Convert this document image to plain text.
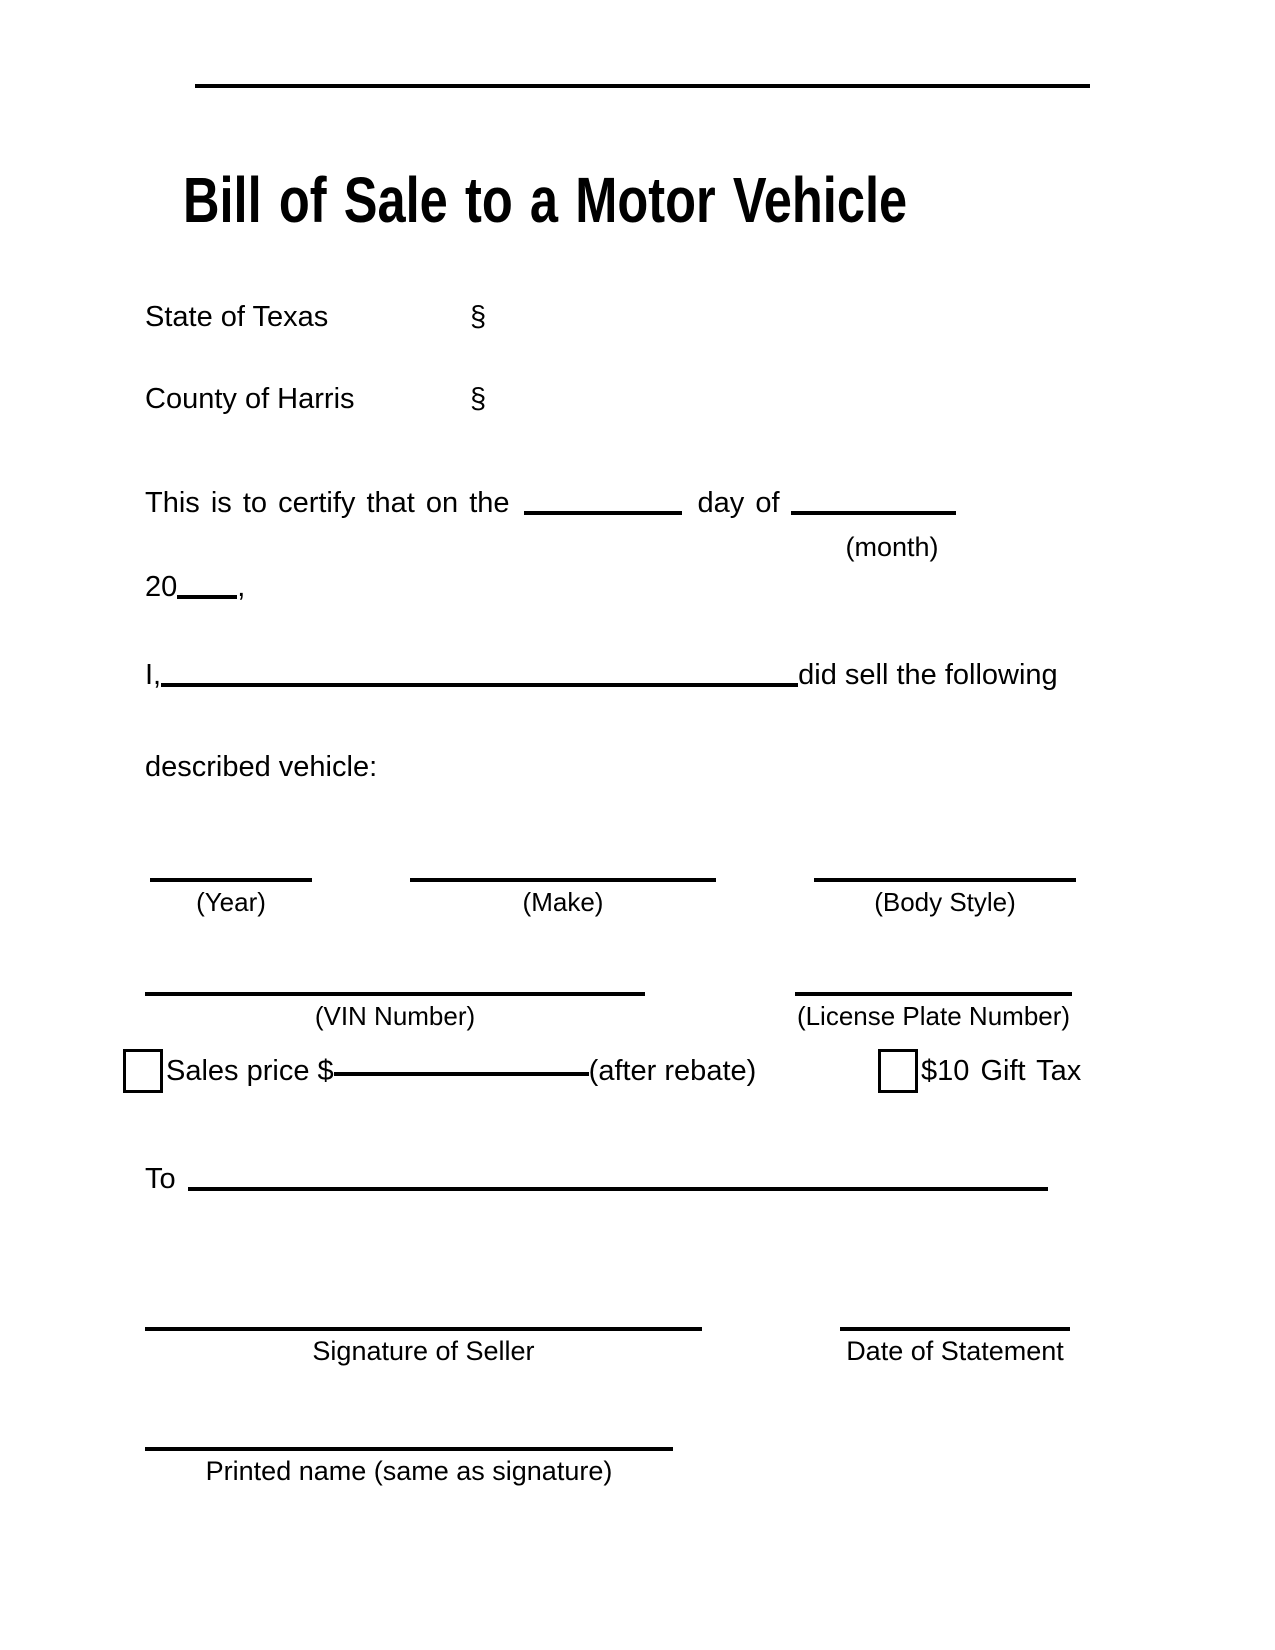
Bill of Sale to a Motor Vehicle
State of Texas	§
County of Harris	§
This is to certify that on the	day of
(month)
20 ,
I,	did sell the following
described vehicle:
(Year)	(Make)	(Body Style)
(VIN Number)	(License Plate Number)
Sales price $	(after rebate)	$10 Gift Tax
To
Signature of Seller	Date of Statement
Printed name (same as signature)
